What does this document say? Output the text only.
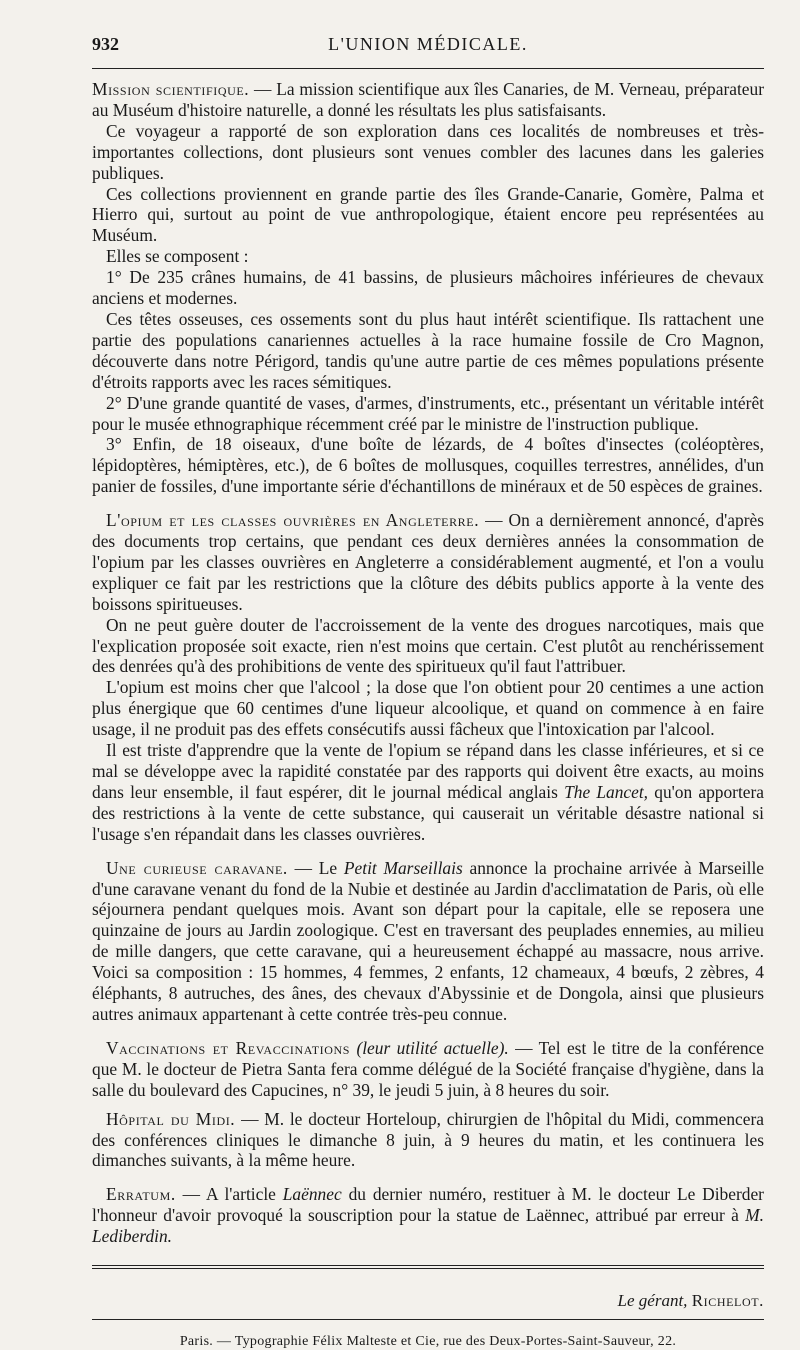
932	L'UNION MÉDICALE.

Mission scientifique. — La mission scientifique aux îles Canaries, de M. Verneau, préparateur au Muséum d'histoire naturelle, a donné les résultats les plus satisfaisants.

Ce voyageur a rapporté de son exploration dans ces localités de nombreuses et très-importantes collections, dont plusieurs sont venues combler des lacunes dans les galeries publiques.

Ces collections proviennent en grande partie des îles Grande-Canarie, Gomère, Palma et Hierro qui, surtout au point de vue anthropologique, étaient encore peu représentées au Muséum.

Elles se composent :

1° De 235 crânes humains, de 41 bassins, de plusieurs mâchoires inférieures de chevaux anciens et modernes.

Ces têtes osseuses, ces ossements sont du plus haut intérêt scientifique. Ils rattachent une partie des populations canariennes actuelles à la race humaine fossile de Cro Magnon, découverte dans notre Périgord, tandis qu'une autre partie de ces mêmes populations présente d'étroits rapports avec les races sémitiques.

2° D'une grande quantité de vases, d'armes, d'instruments, etc., présentant un véritable intérêt pour le musée ethnographique récemment créé par le ministre de l'instruction publique.

3° Enfin, de 18 oiseaux, d'une boîte de lézards, de 4 boîtes d'insectes (coléoptères, lépidoptères, hémiptères, etc.), de 6 boîtes de mollusques, coquilles terrestres, annélides, d'un panier de fossiles, d'une importante série d'échantillons de minéraux et de 50 espèces de graines.

L'opium et les classes ouvrières en Angleterre. — On a dernièrement annoncé, d'après des documents trop certains, que pendant ces deux dernières années la consommation de l'opium par les classes ouvrières en Angleterre a considérablement augmenté, et l'on a voulu expliquer ce fait par les restrictions que la clôture des débits publics apporte à la vente des boissons spiritueuses.

On ne peut guère douter de l'accroissement de la vente des drogues narcotiques, mais que l'explication proposée soit exacte, rien n'est moins que certain. C'est plutôt au renchérissement des denrées qu'à des prohibitions de vente des spiritueux qu'il faut l'attribuer.

L'opium est moins cher que l'alcool ; la dose que l'on obtient pour 20 centimes a une action plus énergique que 60 centimes d'une liqueur alcoolique, et quand on commence à en faire usage, il ne produit pas des effets consécutifs aussi fâcheux que l'intoxication par l'alcool.

Il est triste d'apprendre que la vente de l'opium se répand dans les classe inférieures, et si ce mal se développe avec la rapidité constatée par des rapports qui doivent être exacts, au moins dans leur ensemble, il faut espérer, dit le journal médical anglais The Lancet, qu'on apportera des restrictions à la vente de cette substance, qui causerait un véritable désastre national si l'usage s'en répandait dans les classes ouvrières.

Une curieuse caravane. — Le Petit Marseillais annonce la prochaine arrivée à Marseille d'une caravane venant du fond de la Nubie et destinée au Jardin d'acclimatation de Paris, où elle séjournera pendant quelques mois. Avant son départ pour la capitale, elle se reposera une quinzaine de jours au Jardin zoologique. C'est en traversant des peuplades ennemies, au milieu de mille dangers, que cette caravane, qui a heureusement échappé au massacre, nous arrive. Voici sa composition : 15 hommes, 4 femmes, 2 enfants, 12 chameaux, 4 bœufs, 2 zèbres, 4 éléphants, 8 autruches, des ânes, des chevaux d'Abyssinie et de Dongola, ainsi que plusieurs autres animaux appartenant à cette contrée très-peu connue.

Vaccinations et Revaccinations (leur utilité actuelle). — Tel est le titre de la conférence que M. le docteur de Pietra Santa fera comme délégué de la Société française d'hygiène, dans la salle du boulevard des Capucines, n° 39, le jeudi 5 juin, à 8 heures du soir.

Hôpital du Midi. — M. le docteur Horteloup, chirurgien de l'hôpital du Midi, commencera des conférences cliniques le dimanche 8 juin, à 9 heures du matin, et les continuera les dimanches suivants, à la même heure.

Erratum. — A l'article Laënnec du dernier numéro, restituer à M. le docteur Le Diberder l'honneur d'avoir provoqué la souscription pour la statue de Laënnec, attribué par erreur à M. Lediberdin.

Le gérant, Richelot.
Paris. — Typographie Félix Malteste et Cie, rue des Deux-Portes-Saint-Sauveur, 22.
